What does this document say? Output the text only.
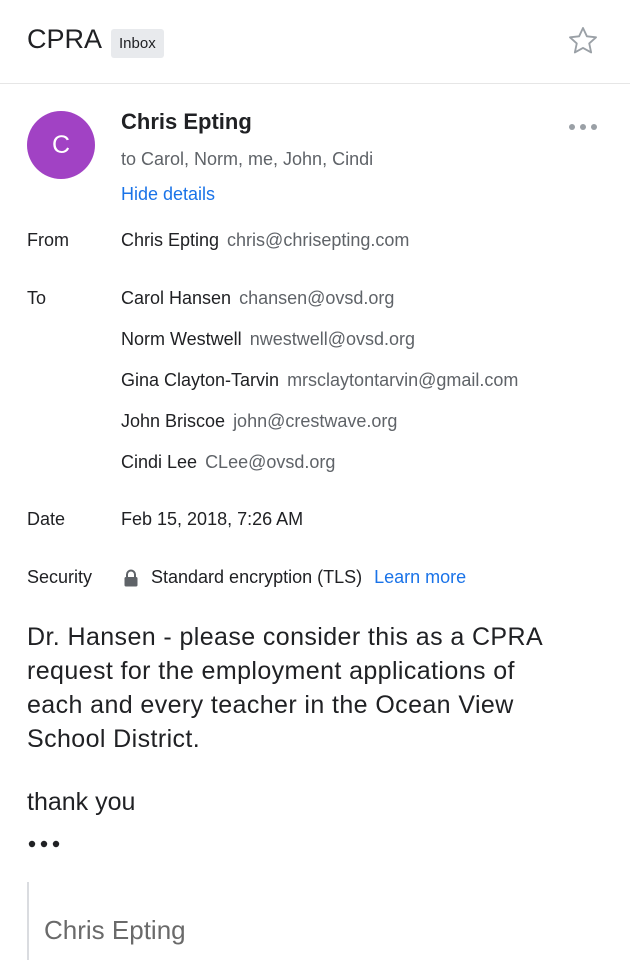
CPRA	Inbox
C
Chris Epting
to Carol, Norm, me, John, Cindi
Hide details
From	Chris Epting chris@chrisepting.com
To	Carol Hansen chansen@ovsd.org
Norm Westwell nwestwell@ovsd.org
Gina Clayton-Tarvin mrsclaytontarvin@gmail.com
John Briscoe john@crestwave.org
Cindi Lee CLee@ovsd.org
Date	Feb 15, 2018, 7:26 AM
Security	Standard encryption (TLS) Learn more
Dr. Hansen - please consider this as a CPRA
request for the employment applications of
each and every teacher in the Ocean View
School District.
thank you
Chris Epting
